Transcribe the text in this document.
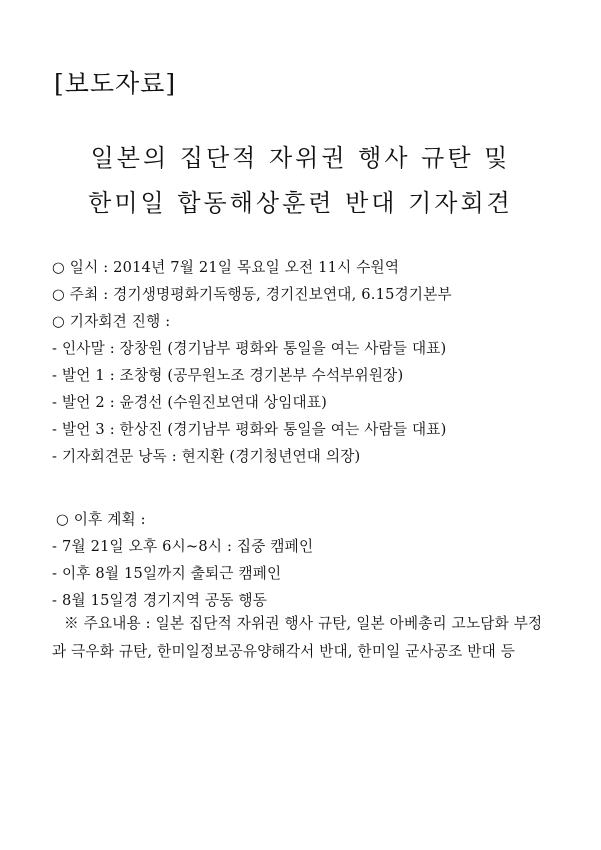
[보도자료]
일본의 집단적 자위권 행사 규탄 및
한미일 합동해상훈련 반대 기자회견
○ 일시 : 2014년 7월 21일 목요일 오전 11시 수원역
○ 주최 : 경기생명평화기독행동, 경기진보연대, 6.15경기본부
○ 기자회견 진행 :
- 인사말 : 장창원 (경기남부 평화와 통일을 여는 사람들 대표)
- 발언 1 : 조창형 (공무원노조 경기본부 수석부위원장)
- 발언 2 : 윤경선 (수원진보연대 상임대표)
- 발언 3 : 한상진 (경기남부 평화와 통일을 여는 사람들 대표)
- 기자회견문 낭독 : 현지환 (경기청년연대 의장)
○ 이후 계획 :
- 7월 21일 오후 6시~8시 : 집중 캠페인
- 이후 8월 15일까지 출퇴근 캠페인
- 8월 15일경 경기지역 공동 행동
※ 주요내용 : 일본 집단적 자위권 행사 규탄, 일본 아베총리 고노담화 부정과 극우화 규탄, 한미일정보공유양해각서 반대, 한미일 군사공조 반대 등
